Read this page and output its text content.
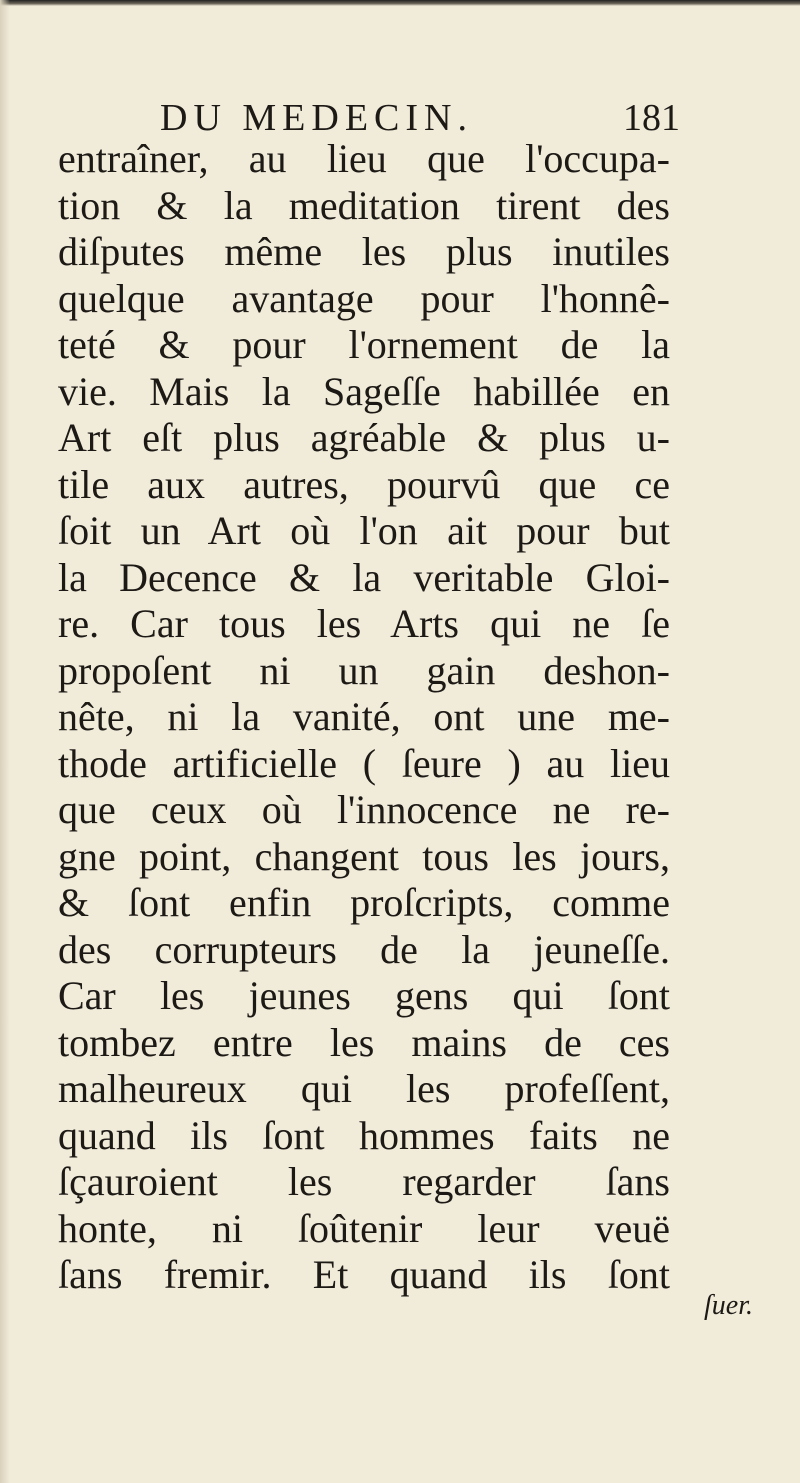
DU MEDECIN.	181
entraîner, au lieu que l'occupa-
tion & la meditation tirent des
diſputes même les plus inutiles
quelque avantage pour l'honnê-
teté & pour l'ornement de la
vie. Mais la Sageſſe habillée en
Art eſt plus agréable & plus u-
tile aux autres, pourvû que ce
ſoit un Art où l'on ait pour but
la Decence & la veritable Gloi-
re. Car tous les Arts qui ne ſe
propoſent ni un gain deshon-
nête, ni la vanité, ont une me-
thode artificielle ( ſeure ) au lieu
que ceux où l'innocence ne re-
gne point, changent tous les jours,
& ſont enfin proſcripts, comme
des corrupteurs de la jeuneſſe.
Car les jeunes gens qui ſont
tombez entre les mains de ces
malheureux qui les profeſſent,
quand ils ſont hommes faits ne
ſçauroient les regarder ſans
honte, ni ſoûtenir leur veuë
ſans fremir. Et quand ils ſont
ſuer.
